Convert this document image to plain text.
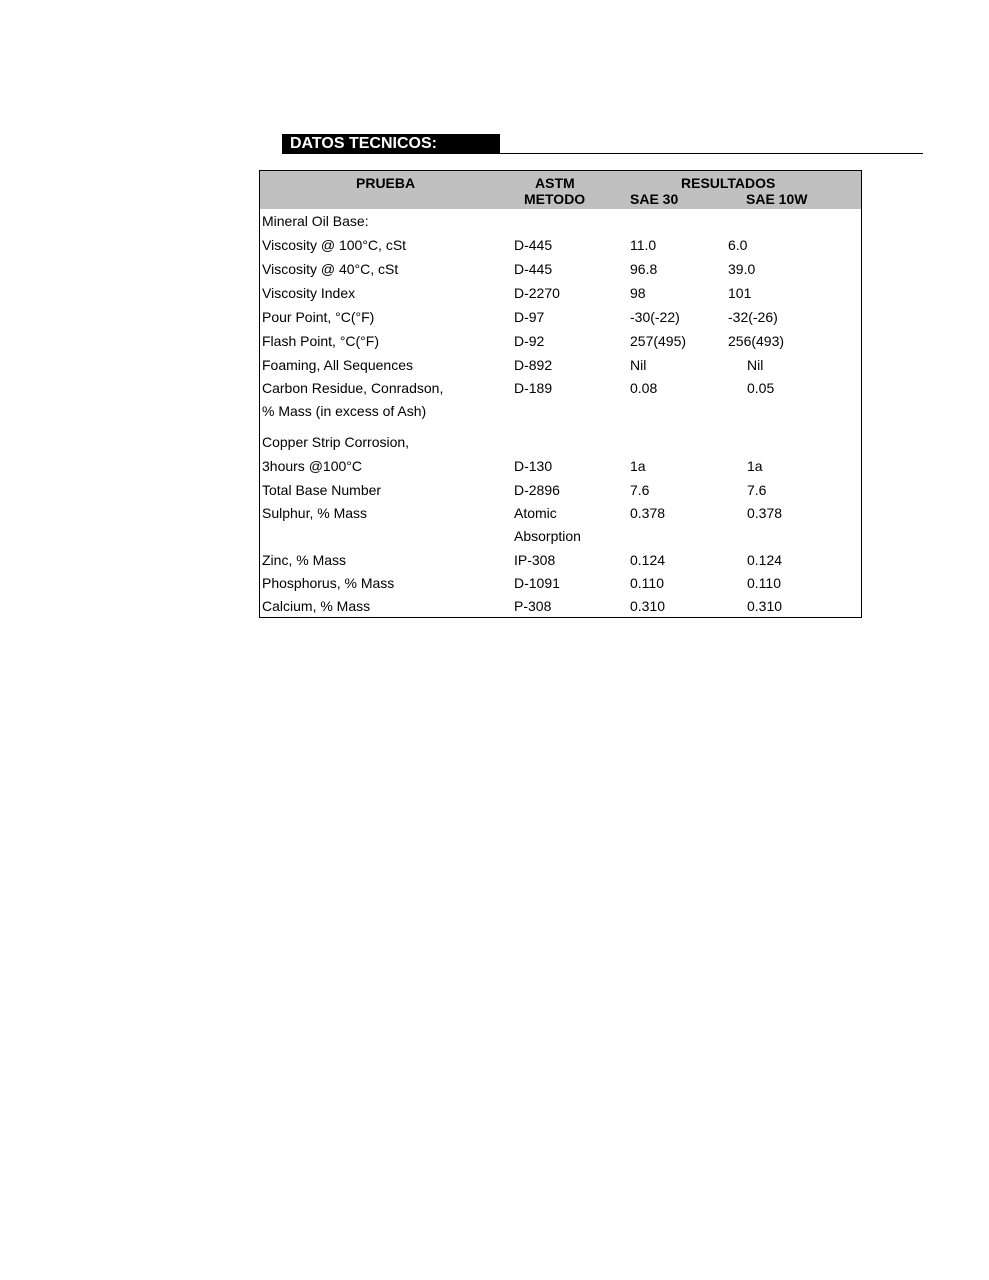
DATOS TECNICOS:
PRUEBA	ASTM
METODO
RESULTADOS
SAE 30	SAE 10W
Mineral Oil Base:
Viscosity @ 100°C, cSt	D-445	11.0	6.0
Viscosity @ 40°C, cSt	D-445	96.8	39.0
Viscosity Index	D-2270	98	101
Pour Point, °C(°F)	D-97	-30(-22)	-32(-26)
Flash Point, °C(°F)	D-92	257(495)	256(493)
Foaming, All Sequences	D-892	Nil	Nil
Carbon Residue, Conradson,	D-189	0.08	0.05
% Mass (in excess of Ash)
Copper Strip Corrosion,
3hours @100°C	D-130	1a	1a
Total Base Number	D-2896	7.6	7.6
Sulphur, % Mass	Atomic	0.378	0.378
Absorption
Zinc, % Mass	IP-308	0.124	0.124
Phosphorus, % Mass	D-1091	0.110	0.110
Calcium, % Mass	P-308	0.310	0.310
